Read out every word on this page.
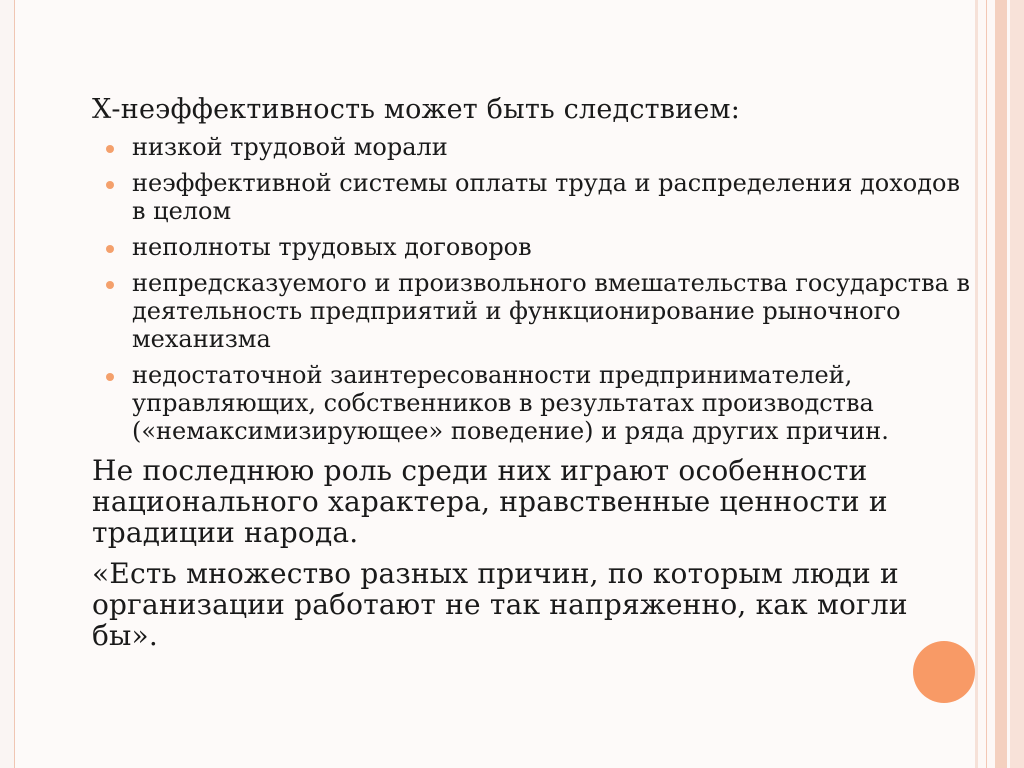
Х-неэффективность может быть следствием:

низкой трудовой морали
неэффективной системы оплаты труда и распределения доходов в целом
неполноты трудовых договоров
непредсказуемого и произвольного вмешательства государства в деятельность предприятий и функционирование рыночного механизма
недостаточной заинтересованности предпринимателей, управляющих, собственников в результатах производства («немаксимизирующее» поведение) и ряда других причин.

Не последнюю роль среди них играют особенности национального характера, нравственные ценности и традиции народа.

«Есть множество разных причин, по которым люди и организации работают не так напряженно, как могли бы».
